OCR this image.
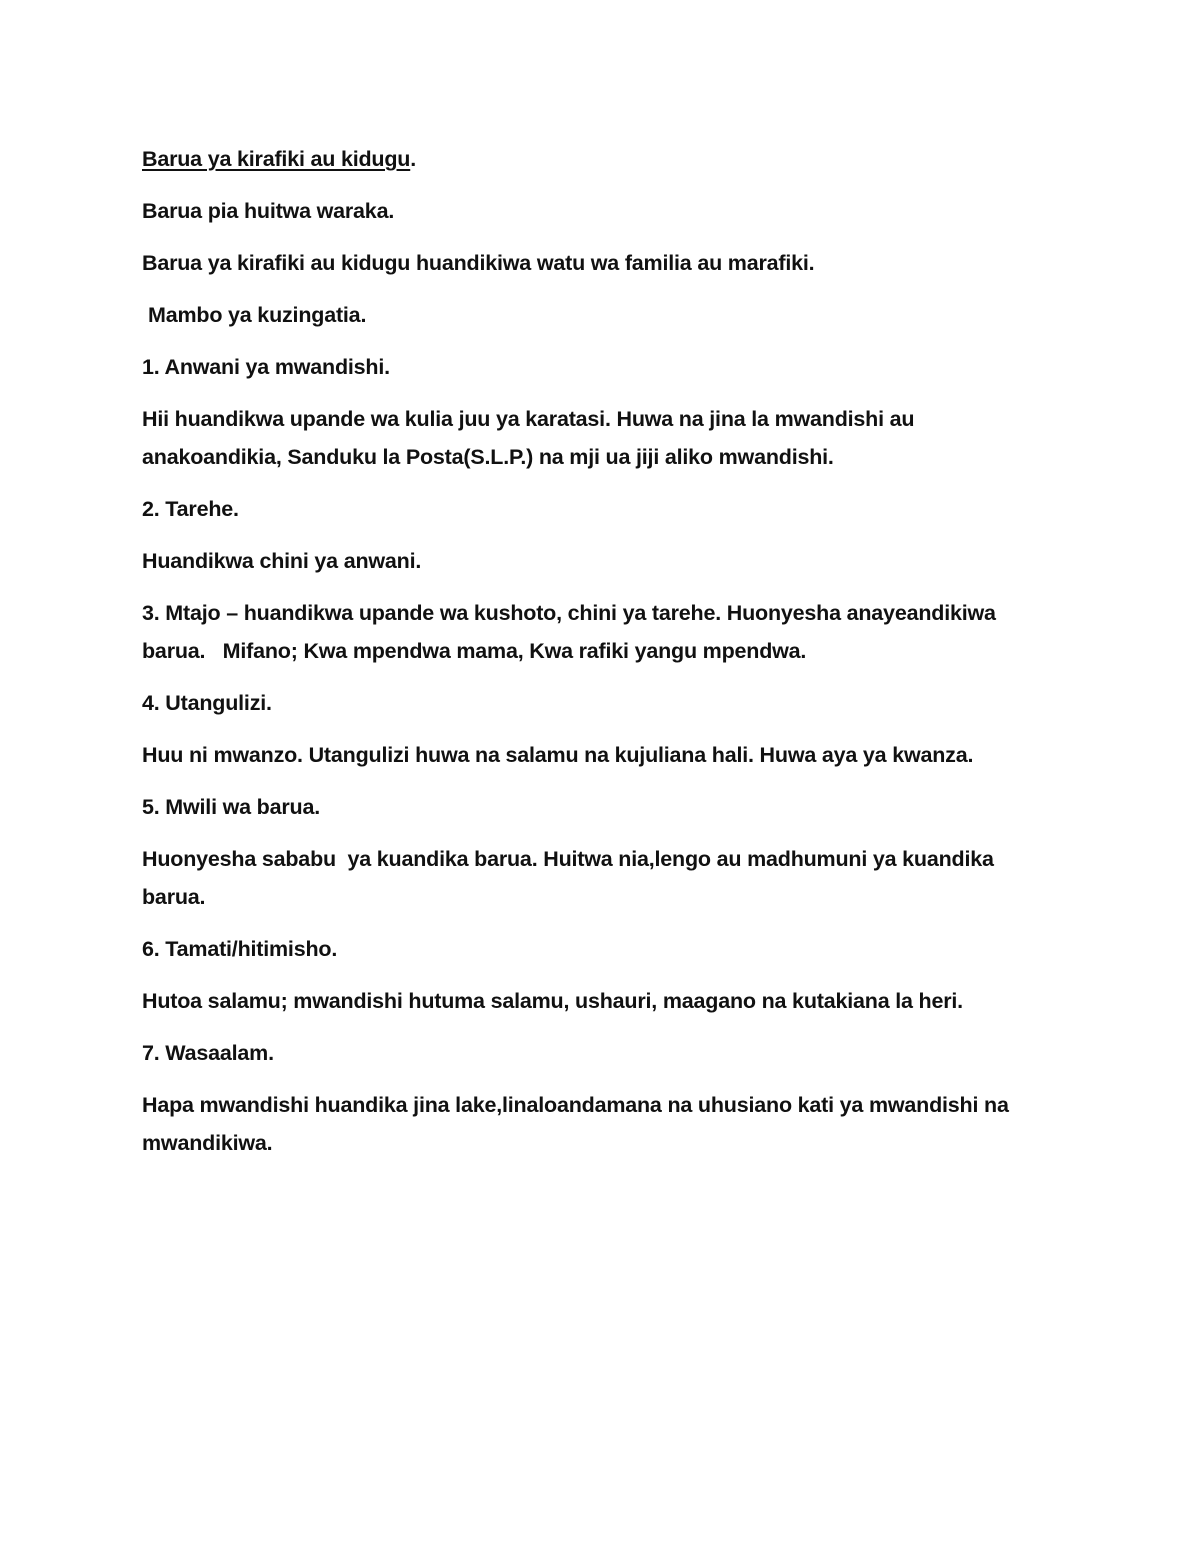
Barua ya kirafiki au kidugu.

Barua pia huitwa waraka.

Barua ya kirafiki au kidugu huandikiwa watu wa familia au marafiki.

Mambo ya kuzingatia.

1. Anwani ya mwandishi.

Hii huandikwa upande wa kulia juu ya karatasi. Huwa na jina la mwandishi au anakoandikia, Sanduku la Posta(S.L.P.) na mji ua jiji aliko mwandishi.

2. Tarehe.

Huandikwa chini ya anwani.

3. Mtajo – huandikwa upande wa kushoto, chini ya tarehe. Huonyesha anayeandikiwa barua.   Mifano; Kwa mpendwa mama, Kwa rafiki yangu mpendwa.

4. Utangulizi.

Huu ni mwanzo. Utangulizi huwa na salamu na kujuliana hali. Huwa aya ya kwanza.

5. Mwili wa barua.

Huonyesha sababu  ya kuandika barua. Huitwa nia,lengo au madhumuni ya kuandika barua.

6. Tamati/hitimisho.

Hutoa salamu; mwandishi hutuma salamu, ushauri, maagano na kutakiana la heri.

7. Wasaalam.

Hapa mwandishi huandika jina lake,linaloandamana na uhusiano kati ya mwandishi na mwandikiwa.
